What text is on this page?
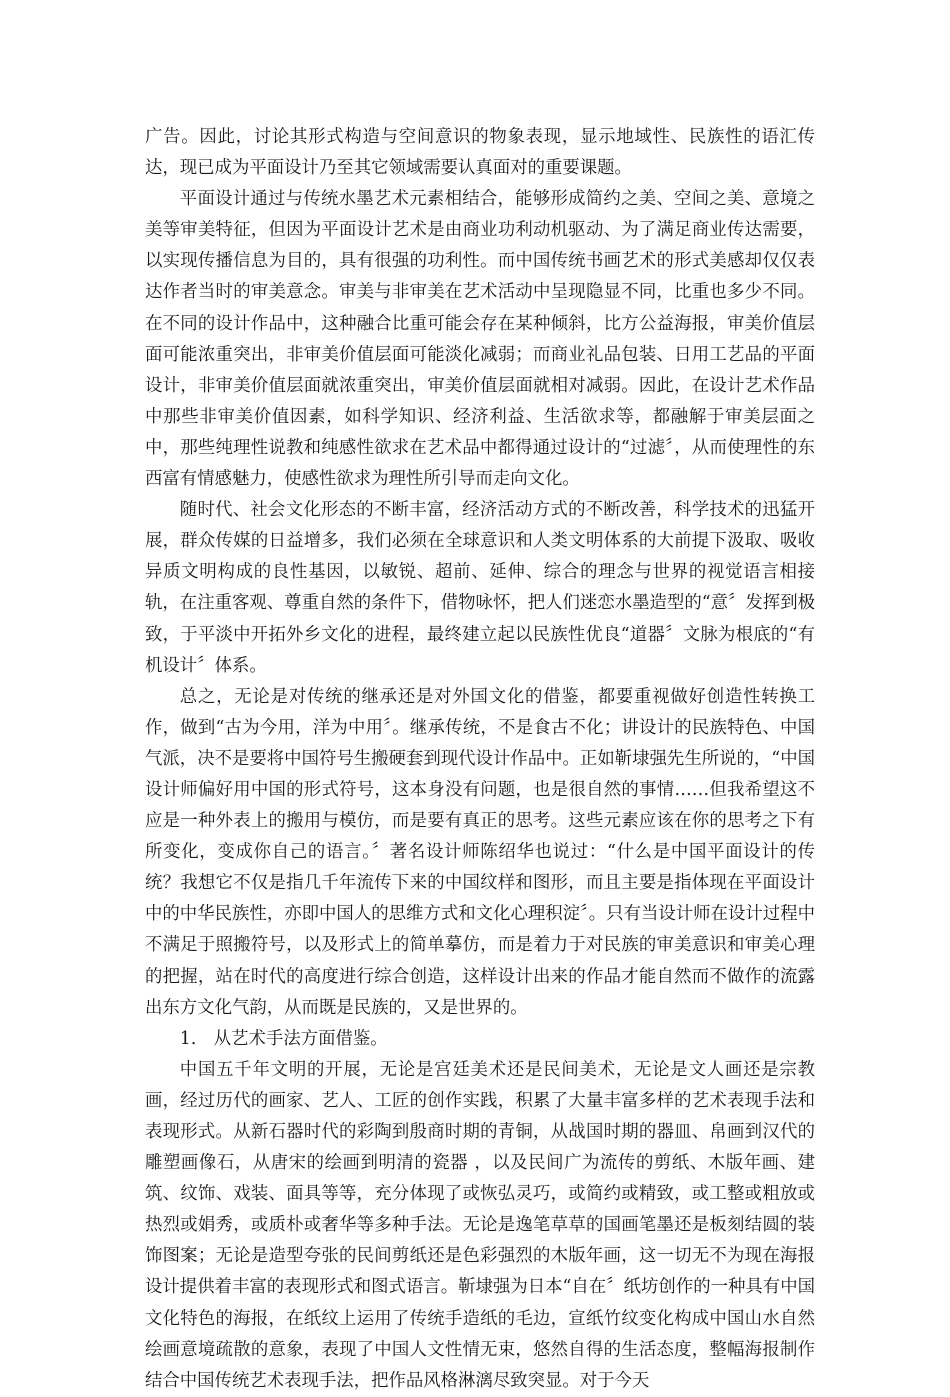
广告。因此，讨论其形式构造与空间意识的物象表现，显示地域性、民族性的语汇传达，现已成为平面设计乃至其它领域需要认真面对的重要课题。

平面设计通过与传统水墨艺术元素相结合，能够形成简约之美、空间之美、意境之美等审美特征，但因为平面设计艺术是由商业功利动机驱动、为了满足商业传达需要，以实现传播信息为目的，具有很强的功利性。而中国传统书画艺术的形式美感却仅仅表达作者当时的审美意念。审美与非审美在艺术活动中呈现隐显不同，比重也多少不同。在不同的设计作品中，这种融合比重可能会存在某种倾斜，比方公益海报，审美价值层面可能浓重突出，非审美价值层面可能淡化减弱；而商业礼品包装、日用工艺品的平面设计，非审美价值层面就浓重突出，审美价值层面就相对减弱。因此，在设计艺术作品中那些非审美价值因素，如科学知识、经济利益、生活欲求等，都融解于审美层面之中，那些纯理性说教和纯感性欲求在艺术品中都得通过设计的“过滤〞，从而使理性的东西富有情感魅力，使感性欲求为理性所引导而走向文化。

随时代、社会文化形态的不断丰富，经济活动方式的不断改善，科学技术的迅猛开展，群众传媒的日益增多，我们必须在全球意识和人类文明体系的大前提下汲取、吸收异质文明构成的良性基因，以敏锐、超前、延伸、综合的理念与世界的视觉语言相接轨，在注重客观、尊重自然的条件下，借物咏怀，把人们迷恋水墨造型的“意〞发挥到极致，于平淡中开拓外乡文化的进程，最终建立起以民族性优良“道器〞文脉为根底的“有机设计〞体系。

总之，无论是对传统的继承还是对外国文化的借鉴，都要重视做好创造性转换工作，做到“古为今用，洋为中用〞。继承传统，不是食古不化；讲设计的民族特色、中国气派，决不是要将中国符号生搬硬套到现代设计作品中。正如靳埭强先生所说的，“中国设计师偏好用中国的形式符号，这本身没有问题，也是很自然的事情……但我希望这不应是一种外表上的搬用与模仿，而是要有真正的思考。这些元素应该在你的思考之下有所变化，变成你自己的语言。〞著名设计师陈绍华也说过：“什么是中国平面设计的传统？我想它不仅是指几千年流传下来的中国纹样和图形，而且主要是指体现在平面设计中的中华民族性，亦即中国人的思维方式和文化心理积淀〞。只有当设计师在设计过程中不满足于照搬符号，以及形式上的简单摹仿，而是着力于对民族的审美意识和审美心理的把握，站在时代的高度进行综合创造，这样设计出来的作品才能自然而不做作的流露出东方文化气韵，从而既是民族的，又是世界的。

1． 从艺术手法方面借鉴。

中国五千年文明的开展，无论是宫廷美术还是民间美术，无论是文人画还是宗教画，经过历代的画家、艺人、工匠的创作实践，积累了大量丰富多样的艺术表现手法和表现形式。从新石器时代的彩陶到殷商时期的青铜，从战国时期的器皿、帛画到汉代的雕塑画像石，从唐宋的绘画到明清的瓷器 ，以及民间广为流传的剪纸、木版年画、建筑、纹饰、戏装、面具等等，充分体现了或恢弘灵巧，或简约或精致，或工整或粗放或热烈或娟秀，或质朴或奢华等多种手法。无论是逸笔草草的国画笔墨还是板刻结圆的装饰图案；无论是造型夸张的民间剪纸还是色彩强烈的木版年画，这一切无不为现在海报设计提供着丰富的表现形式和图式语言。靳埭强为日本“自在〞纸坊创作的一种具有中国文化特色的海报，在纸纹上运用了传统手造纸的毛边，宣纸竹纹变化构成中国山水自然绘画意境疏散的意象，表现了中国人文性情无束，悠然自得的生活态度，整幅海报制作结合中国传统艺术表现手法，把作品风格淋漓尽致突显。对于今天
